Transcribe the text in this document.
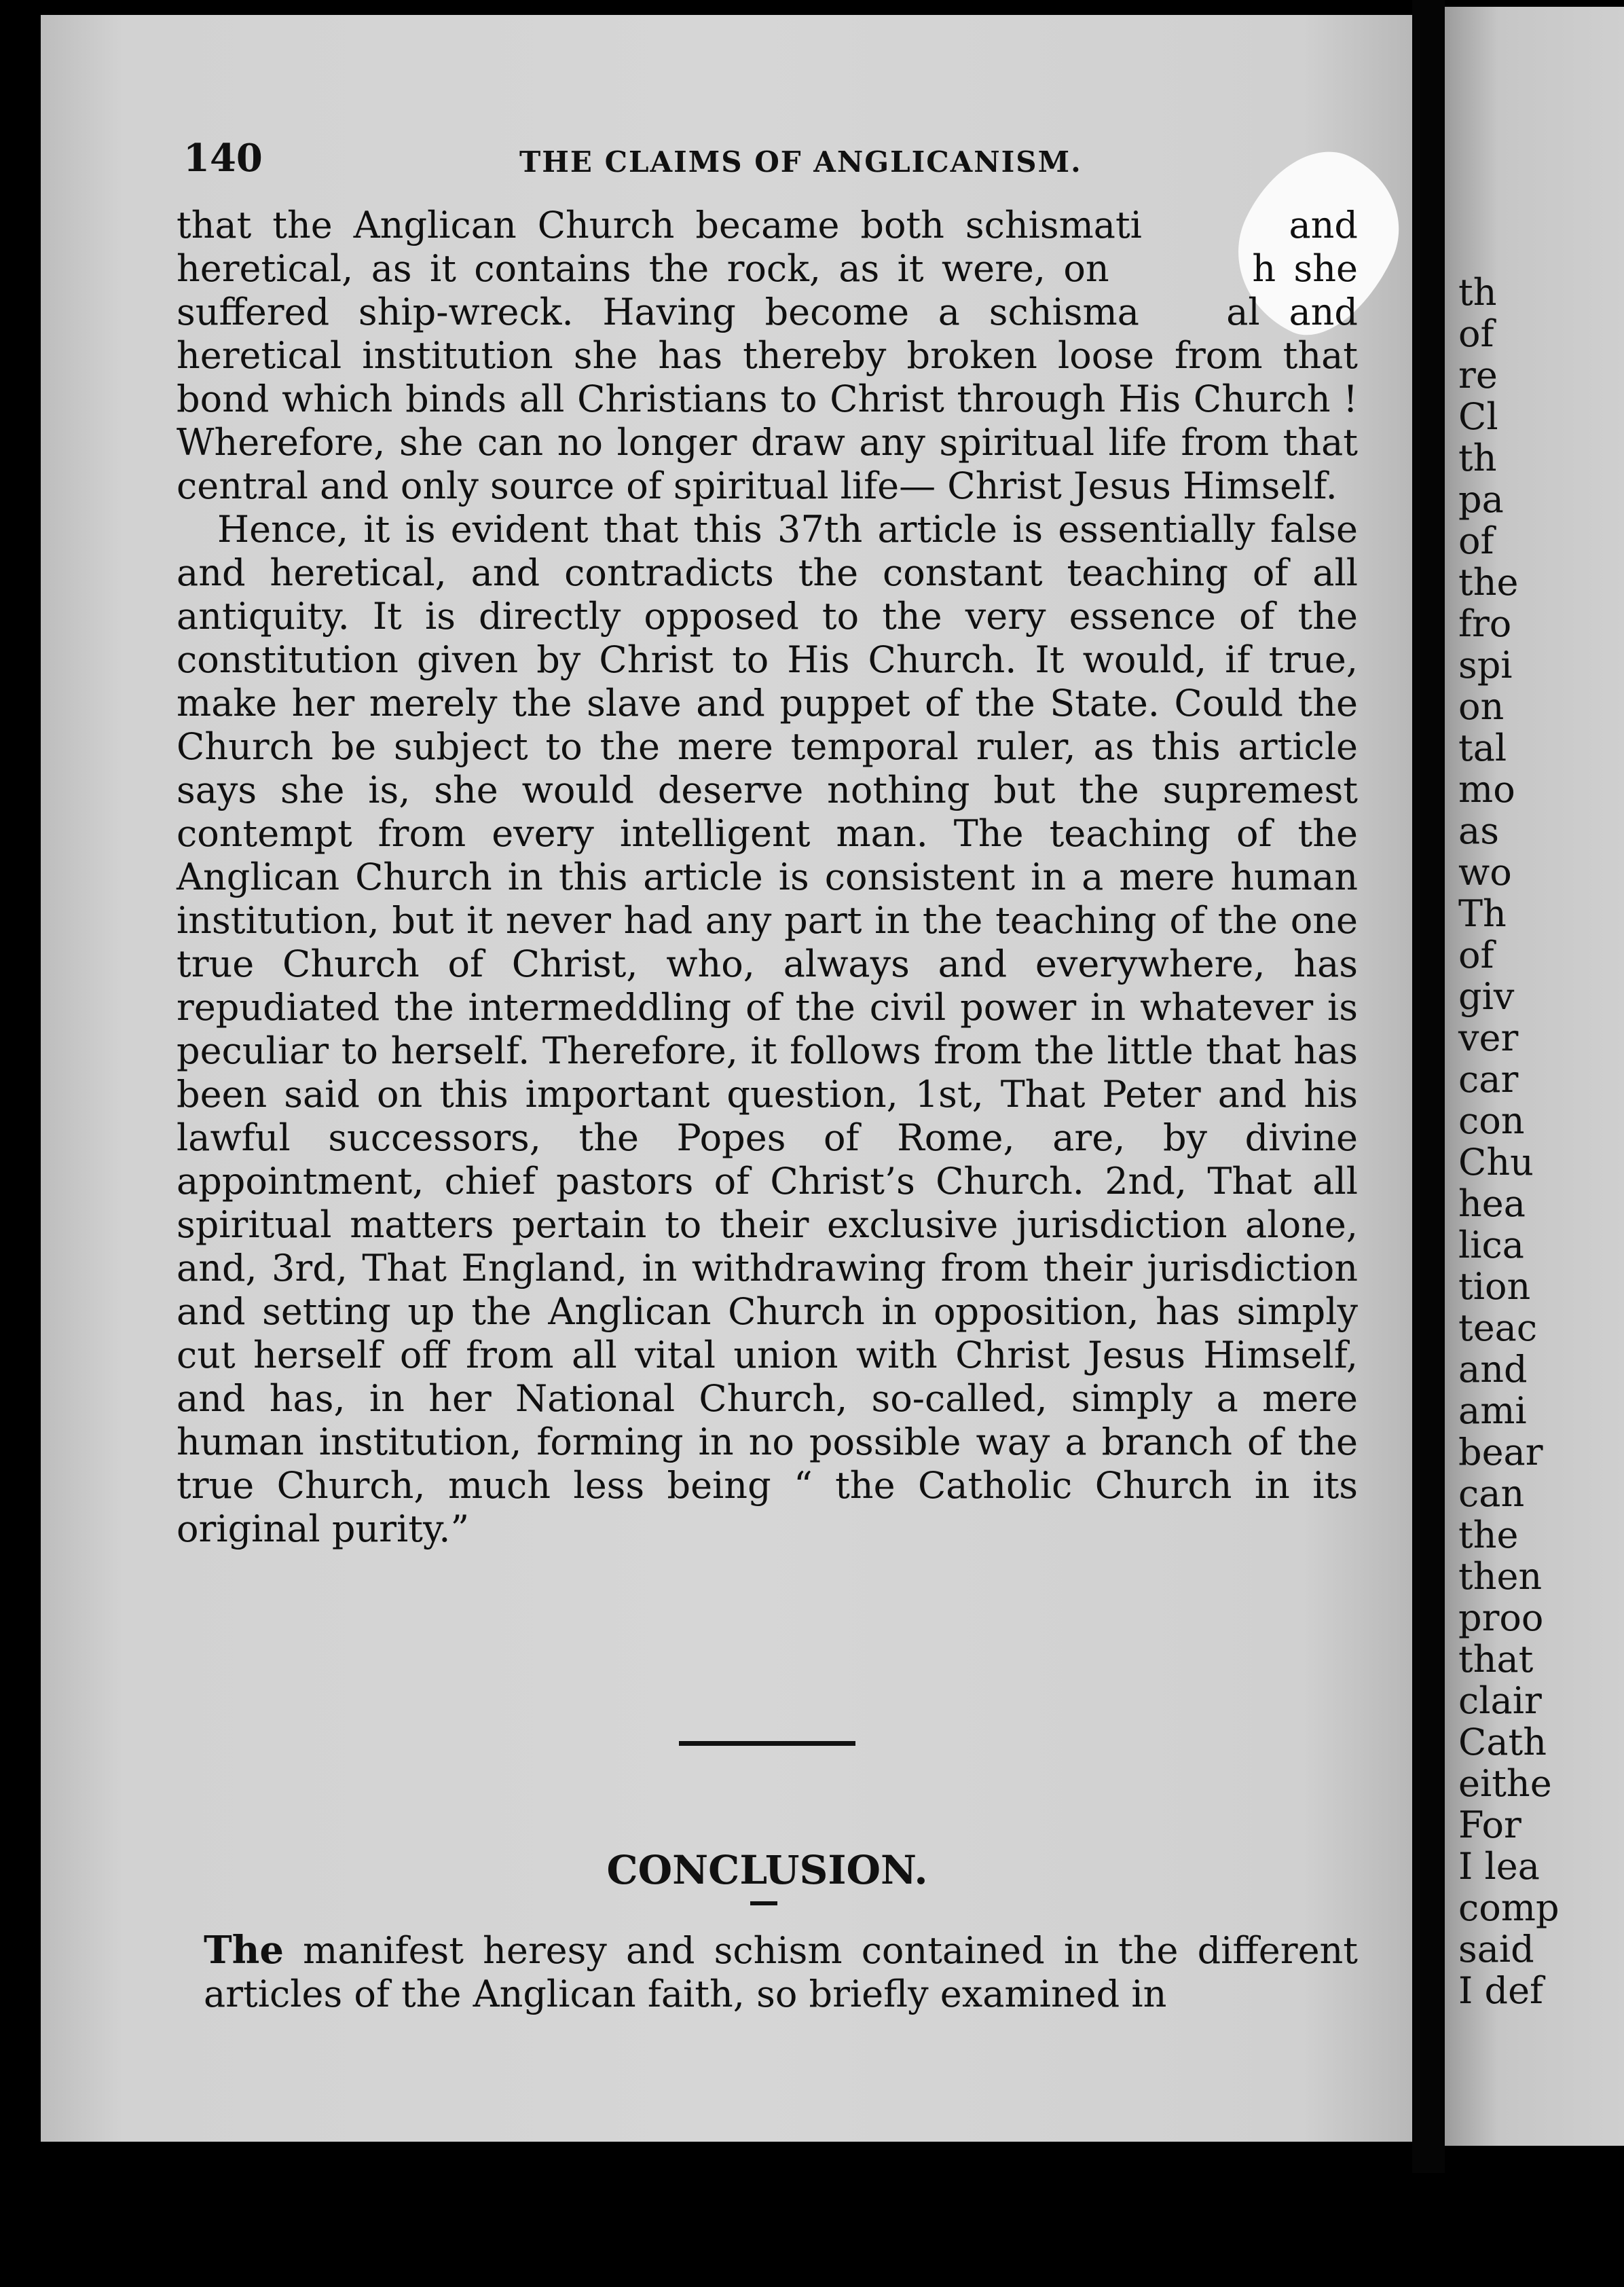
th
of
re
Cl
th
pa
of
the
fro
spi
on
tal
mo
as
wo
Th
of
giv
ver
car
con
Chu
hea
lica
tion
teac
and
ami
bear
can
the
then
proo
that
clair
Cath
eithe
For
I lea
comp
said
I def
140	THE CLAIMS OF ANGLICANISM.

that the Anglican Church became both schismati       and heretical, as it contains the rock, as it were, on        h she suffered ship-wreck. Having become a schisma   al and heretical institution she has thereby broken loose from that bond which binds all Christians to Christ through His Church ! Wherefore, she can no longer draw any spiritual life from that central and only source of spiritual life— Christ Jesus Himself.

Hence, it is evident that this 37th article is essentially false and heretical, and contradicts the constant teaching of all antiquity. It is directly opposed to the very essence of the constitution given by Christ to His Church. It would, if true, make her merely the slave and puppet of the State. Could the Church be subject to the mere temporal ruler, as this article says she is, she would deserve nothing but the supremest contempt from every intelligent man. The teaching of the Anglican Church in this article is consistent in a mere human institution, but it never had any part in the teaching of the one true Church of Christ, who, always and everywhere, has repudiated the intermeddling of the civil power in whatever is peculiar to herself. Therefore, it follows from the little that has been said on this important question, 1st, That Peter and his lawful successors, the Popes of Rome, are, by divine appointment, chief pastors of Christ’s Church. 2nd, That all spiritual matters pertain to their exclusive jurisdiction alone, and, 3rd, That England, in withdrawing from their jurisdiction and setting up the Anglican Church in opposition, has simply cut herself off from all vital union with Christ Jesus Himself, and has, in her National Church, so-called, simply a mere human institution, forming in no possible way a branch of the true Church, much less being “ the Catholic Church in its original purity.”

CONCLUSION.
The manifest heresy and schism contained in the different articles of the Anglican faith, so briefly examined in
